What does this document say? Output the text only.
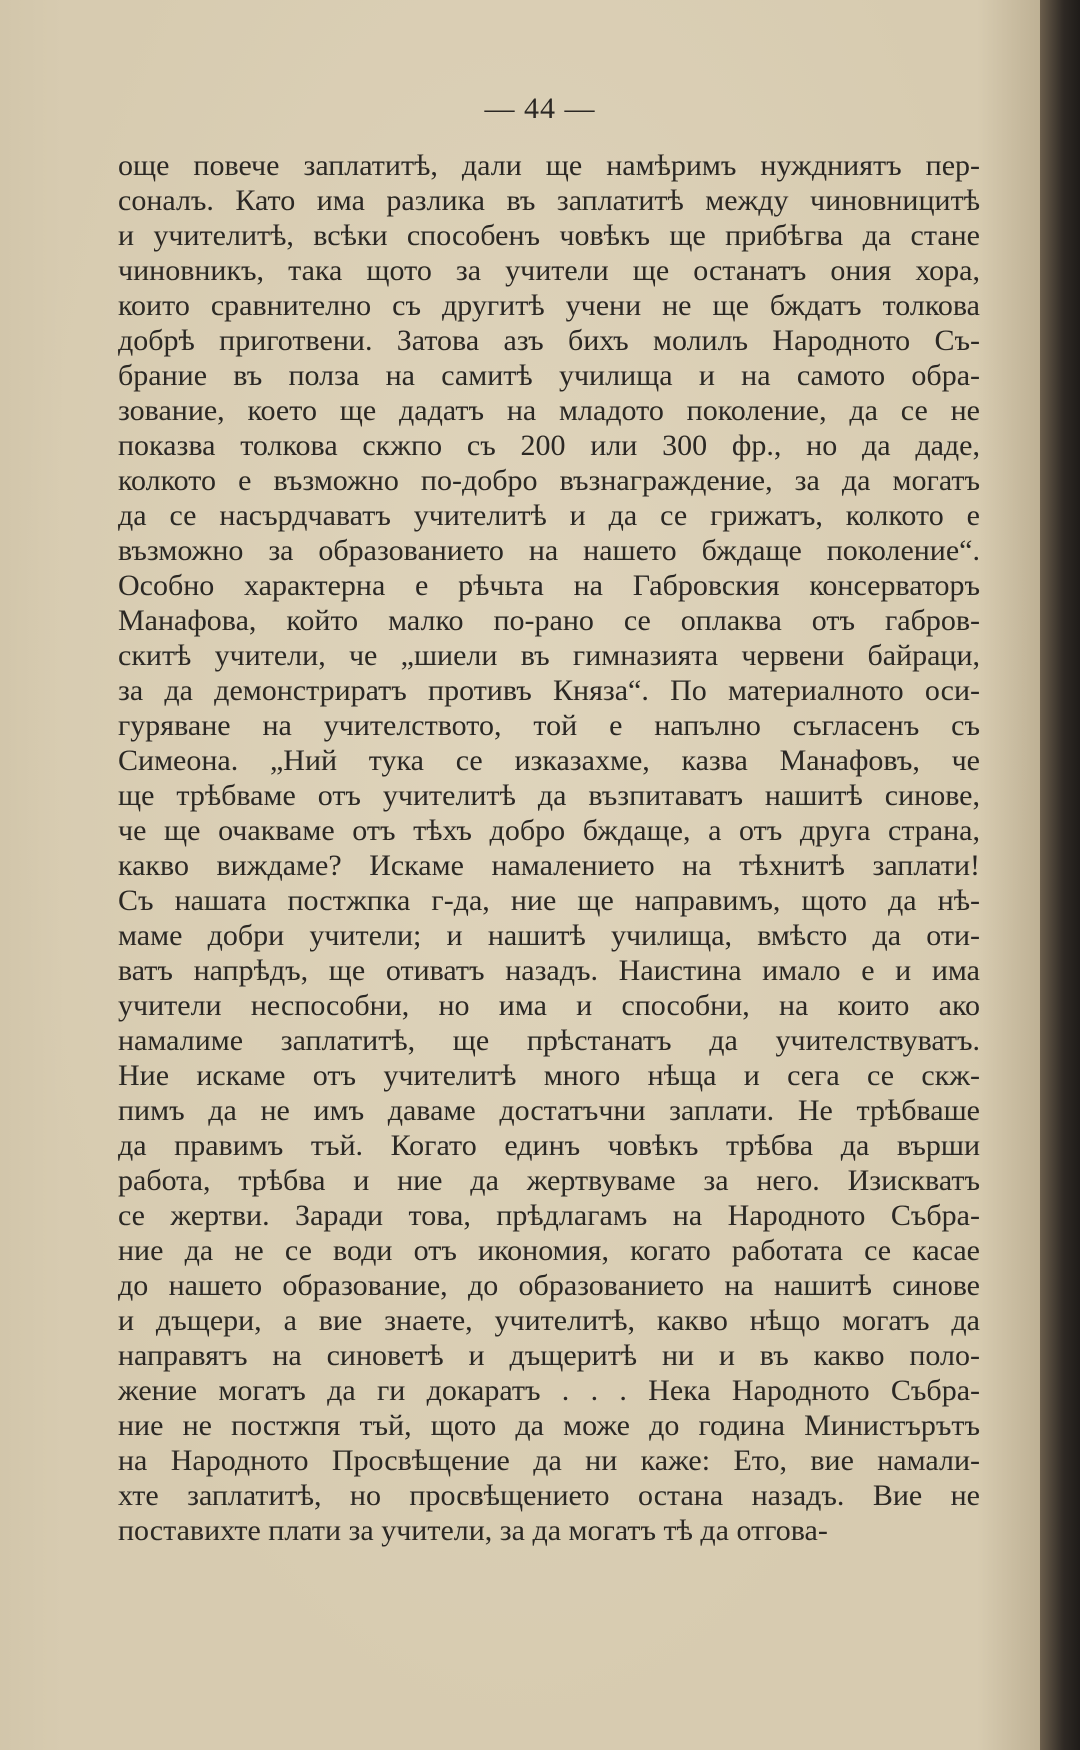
— 44 —
още повече заплатитѣ, дали ще намѣримъ нуждниятъ пер-
соналъ. Като има разлика въ заплатитѣ между чиновницитѣ
и учителитѣ, всѣки способенъ човѣкъ ще прибѣгва да стане
чиновникъ, така щото за учители ще останатъ ония хора,
които сравнително съ другитѣ учени не ще бждатъ толкова
добрѣ приготвени. Затова азъ бихъ молилъ Народното Съ-
брание въ полза на самитѣ училища и на самото обра-
зование, което ще дадатъ на младото поколение, да се не
показва толкова скжпо съ 200 или 300 фр., но да даде,
колкото е възможно по-добро възнаграждение, за да могатъ
да се насърдчаватъ учителитѣ и да се грижатъ, колкото е
възможно за образованието на нашето бждаще поколение“.
Особно характерна е рѣчьта на Габровския консерваторъ
Манафова, който малко по-рано се оплаква отъ габров-
скитѣ учители, че „шиели въ гимназията червени байраци,
за да демонстриратъ противъ Княза“. По материалното оси-
гуряване на учителството, той е напълно съгласенъ съ
Симеона. „Ний тука се изказахме, казва Манафовъ, че
ще трѣбваме отъ учителитѣ да възпитаватъ нашитѣ синове,
че ще очакваме отъ тѣхъ добро бждаще, а отъ друга страна,
какво виждаме? Искаме намалението на тѣхнитѣ заплати!
Съ нашата постжпка г-да, ние ще направимъ, щото да нѣ-
маме добри учители; и нашитѣ училища, вмѣсто да оти-
ватъ напрѣдъ, ще отиватъ назадъ. Наистина имало е и има
учители неспособни, но има и способни, на които ако
намалиме заплатитѣ, ще прѣстанатъ да учителствуватъ.
Ние искаме отъ учителитѣ много нѣща и сега се скж-
пимъ да не имъ даваме достатъчни заплати. Не трѣбваше
да правимъ тъй. Когато единъ човѣкъ трѣбва да върши
работа, трѣбва и ние да жертвуваме за него. Изискватъ
се жертви. Заради това, прѣдлагамъ на Народното Събра-
ние да не се води отъ икономия, когато работата се касае
до нашето образование, до образованието на нашитѣ синове
и дъщери, а вие знаете, учителитѣ, какво нѣщо могатъ да
направятъ на синоветѣ и дъщеритѣ ни и въ какво поло-
жение могатъ да ги докаратъ . . . Нека Народното Събра-
ние не постжпя тъй, щото да може до година Министърътъ
на Народното Просвѣщение да ни каже: Ето, вие намали-
хте заплатитѣ, но просвѣщението остана назадъ. Вие не
поставихте плати за учители, за да могатъ тѣ да отгова-
